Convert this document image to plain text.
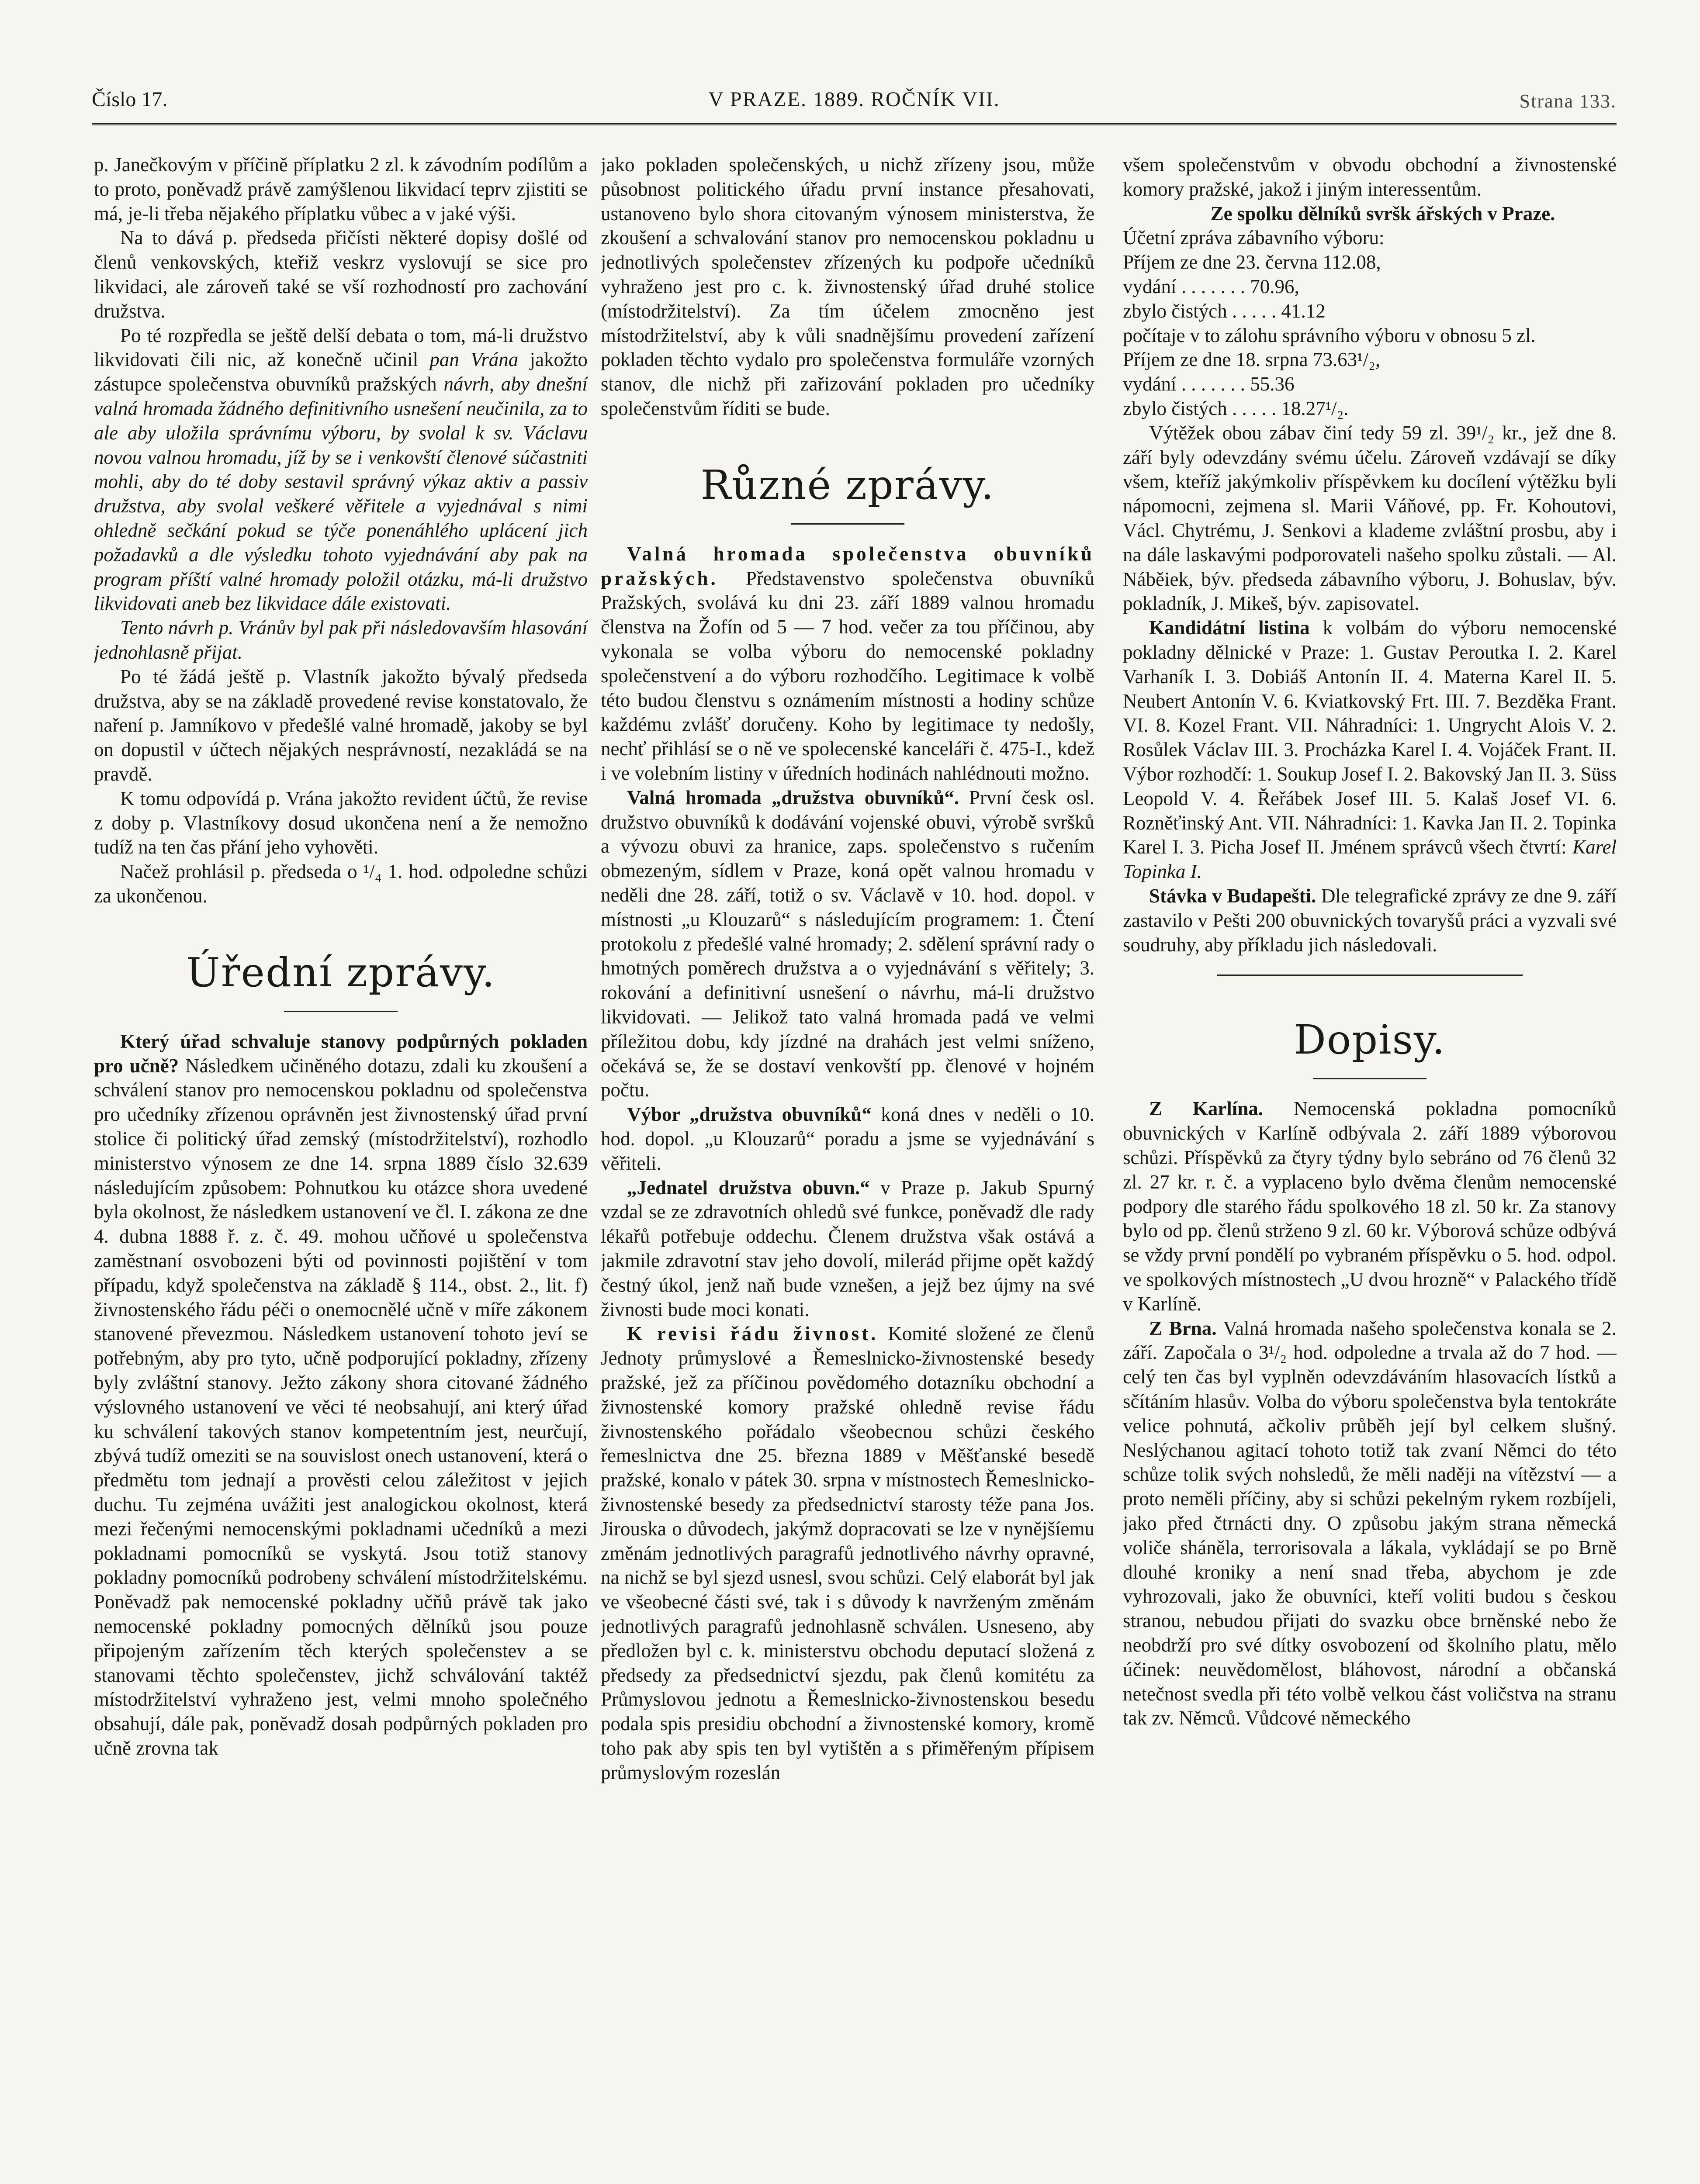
Číslo 17.	V PRAZE. 1889. ROČNÍK VII.	Strana 133.

p. Janečkovým v příčině příplatku 2 zl. k závodním podílům a to proto, poněvadž právě zamýšlenou likvidací teprv zjistiti se má, je-li třeba nějakého příplatku vůbec a v jaké výši.

Na to dává p. předseda přičísti některé dopisy došlé od členů venkovských, kteřiž veskrz vyslovují se sice pro likvidaci, ale zároveň také se vší rozhodností pro zachování družstva.

Po té rozpředla se ještě delší debata o tom, má-li družstvo likvidovati čili nic, až konečně učinil pan Vrána jakožto zástupce společenstva obuvníků pražských návrh, aby dnešní valná hromada žádného definitivního usnešení neučinila, za to ale aby uložila správnímu výboru, by svolal k sv. Václavu novou valnou hromadu, jíž by se i venkovští členové súčastniti mohli, aby do té doby sestavil správný výkaz aktiv a passiv družstva, aby svolal veškeré věřitele a vyjednával s nimi ohledně sečkání pokud se týče ponenáhlého uplácení jich požadavků a dle výsledku tohoto vyjednávání aby pak na program příští valné hromady položil otázku, má-li družstvo likvidovati aneb bez likvidace dále existovati.

Tento návrh p. Vránův byl pak při následovavším hlasování jednohlasně přijat.

Po té žádá ještě p. Vlastník jakožto bývalý předseda družstva, aby se na základě provedené revise konstatovalo, že naření p. Jamníkovo v předešlé valné hromadě, jakoby se byl on dopustil v účtech nějakých nesprávností, nezakládá se na pravdě.

K tomu odpovídá p. Vrána jakožto revident účtů, že revise z doby p. Vlastníkovy dosud ukončena není a že nemožno tudíž na ten čas přání jeho vyhověti.

Načež prohlásil p. předseda o ¹/₄ 1. hod. odpoledne schůzi za ukončenou.

Úřední zprávy.

Který úřad schvaluje stanovy podpůrných pokladen pro učně? Následkem učiněného dotazu, zdali ku zkoušení a schválení stanov pro nemocenskou pokladnu od společenstva pro učedníky zřízenou oprávněn jest živnostenský úřad první stolice či politický úřad zemský (místodržitelství), rozhodlo ministerstvo výnosem ze dne 14. srpna 1889 číslo 32.639 následujícím způsobem: Pohnutkou ku otázce shora uvedené byla okolnost, že následkem ustanovení ve čl. I. zákona ze dne 4. dubna 1888 ř. z. č. 49. mohou učňové u společenstva zaměstnaní osvobozeni býti od povinnosti pojištění v tom případu, když společenstva na základě § 114., obst. 2., lit. f) živnostenského řádu péči o onemocnělé učně v míře zákonem stanovené převezmou. Následkem ustanovení tohoto jeví se potřebným, aby pro tyto, učně podporující pokladny, zřízeny byly zvláštní stanovy. Ježto zákony shora citované žádného výslovného ustanovení ve věci té neobsahují, ani který úřad ku schválení takových stanov kompetentním jest, neurčují, zbývá tudíž omeziti se na souvislost onech ustanovení, která o předmětu tom jednají a prověsti celou záležitost v jejich duchu. Tu zejména uvážiti jest analogickou okolnost, která mezi řečenými nemocenskými pokladnami učedníků a mezi pokladnami pomocníků se vyskytá. Jsou totiž stanovy pokladny pomocníků podrobeny schválení místodržitelskému. Poněvadž pak nemocenské pokladny učňů právě tak jako nemocenské pokladny pomocných dělníků jsou pouze připojeným zařízením těch kterých společenstev a se stanovami těchto společenstev, jichž schválování taktéž místodržitelství vyhraženo jest, velmi mnoho společného obsahují, dále pak, poněvadž dosah podpůrných pokladen pro učně zrovna tak

jako pokladen společenských, u nichž zřízeny jsou, může působnost politického úřadu první instance přesahovati, ustanoveno bylo shora citovaným výnosem ministerstva, že zkoušení a schvalování stanov pro nemocenskou pokladnu u jednotlivých společenstev zřízených ku podpoře učedníků vyhraženo jest pro c. k. živnostenský úřad druhé stolice (místodržitelství). Za tím účelem zmocněno jest místodržitelství, aby k vůli snadnějšímu provedení zařízení pokladen těchto vydalo pro společenstva formuláře vzorných stanov, dle nichž při zařizování pokladen pro učedníky společenstvům říditi se bude.

Různé zprávy.

Valná hromada společenstva obuvníků pražských. Představenstvo společenstva obuvníků Pražských, svolává ku dni 23. září 1889 valnou hromadu členstva na Žofín od 5 — 7 hod. večer za tou příčinou, aby vykonala se volba výboru do nemocenské pokladny společenstvení a do výboru rozhodčího. Legitimace k volbě této budou členstvu s oznámením místnosti a hodiny schůze každému zvlášť doručeny. Koho by legitimace ty nedošly, nechť přihlásí se o ně ve spolecenské kanceláři č. 475-I., kdež i ve volebním listiny v úředních hodinách nahlédnouti možno.

Valná hromada „družstva obuvníků“. První česk osl. družstvo obuvníků k dodávání vojenské obuvi, výrobě svršků a vývozu obuvi za hranice, zaps. společenstvo s ručením obmezeným, sídlem v Praze, koná opět valnou hromadu v neděli dne 28. září, totiž o sv. Václavě v 10. hod. dopol. v místnosti „u Klouzarů“ s následujícím programem: 1. Čtení protokolu z předešlé valné hromady; 2. sdělení správní rady o hmotných poměrech družstva a o vyjednávání s věřitely; 3. rokování a definitivní usnešení o návrhu, má-li družstvo likvidovati. — Jelikož tato valná hromada padá ve velmi příležitou dobu, kdy jízdné na drahách jest velmi sníženo, očekává se, že se dostaví venkovští pp. členové v hojném počtu.

Výbor „družstva obuvníků“ koná dnes v neděli o 10. hod. dopol. „u Klouzarů“ poradu a jsme se vyjednávání s věřiteli.

„Jednatel družstva obuvn.“ v Praze p. Jakub Spurný vzdal se ze zdravotních ohledů své funkce, poněvadž dle rady lékařů potřebuje oddechu. Členem družstva však ostává a jakmile zdravotní stav jeho dovolí, milerád přijme opět každý čestný úkol, jenž naň bude vznešen, a jejž bez újmy na své živnosti bude moci konati.

K revisi řádu živnost. Komité složené ze členů Jednoty průmyslové a Řemeslnicko-živnostenské besedy pražské, jež za příčinou povědomého dotazníku obchodní a živnostenské komory pražské ohledně revise řádu živnostenského pořádalo všeobecnou schůzi českého řemeslnictva dne 25. března 1889 v Měšťanské besedě pražské, konalo v pátek 30. srpna v místnostech Řemeslnicko-živnostenské besedy za předsednictví starosty téže pana Jos. Jirouska o důvodech, jakýmž dopracovati se lze v nynějšíemu změnám jednotlivých paragrafů jednotlivého návrhy opravné, na nichž se byl sjezd usnesl, svou schůzi. Celý elaborát byl jak ve všeobecné části své, tak i s důvody k navrženým změnám jednotlivých paragrafů jednohlasně schválen. Usneseno, aby předložen byl c. k. ministerstvu obchodu deputací složená z předsedy za předsednictví sjezdu, pak členů komitétu za Průmyslovou jednotu a Řemeslnicko-živnostenskou besedu podala spis presidiu obchodní a živnostenské komory, kromě toho pak aby spis ten byl vytištěn a s přiměřeným přípisem průmyslovým rozeslán

všem společenstvům v obvodu obchodní a živnostenské komory pražské, jakož i jiným interessentům.

Ze spolku dělníků svršk ářských v Praze.

Účetní zpráva zábavního výboru:

Příjem ze dne 23. června 112.08,

vydání . . . . . . . 70.96,

zbylo čistých . . . . . 41.12

počítaje v to zálohu správního výboru v obnosu 5 zl.

Příjem ze dne 18. srpna 73.63¹/₂,

vydání . . . . . . . 55.36

zbylo čistých . . . . . 18.27¹/₂.

Výtěžek obou zábav činí tedy 59 zl. 39¹/₂ kr., jež dne 8. září byly odevzdány svému účelu. Zároveň vzdávají se díky všem, kteříž jakýmkoliv příspěvkem ku docílení výtěžku byli nápomocni, zejmena sl. Marii Váňové, pp. Fr. Kohoutovi, Václ. Chytrému, J. Senkovi a klademe zvláštní prosbu, aby i na dále laskavými podporovateli našeho spolku zůstali. — Al. Náběiek, býv. předseda zábavního výboru, J. Bohuslav, býv. pokladník, J. Mikeš, býv. zapisovatel.

Kandidátní listina k volbám do výboru nemocenské pokladny dělnické v Praze: 1. Gustav Peroutka I. 2. Karel Varhaník I. 3. Dobiáš Antonín II. 4. Materna Karel II. 5. Neubert Antonín V. 6. Kviatkovský Frt. III. 7. Bezděka Frant. VI. 8. Kozel Frant. VII. Náhradníci: 1. Ungrycht Alois V. 2. Rosůlek Václav III. 3. Procházka Karel I. 4. Vojáček Frant. II. Výbor rozhodčí: 1. Soukup Josef I. 2. Bakovský Jan II. 3. Süss Leopold V. 4. Řeřábek Josef III. 5. Kalaš Josef VI. 6. Rozněťinský Ant. VII. Náhradníci: 1. Kavka Jan II. 2. Topinka Karel I. 3. Picha Josef II. Jménem správců všech čtvrtí: Karel Topinka I.

Stávka v Budapešti. Dle telegrafické zprávy ze dne 9. září zastavilo v Pešti 200 obuvnických tovaryšů práci a vyzvali své soudruhy, aby příkladu jich následovali.

Dopisy.

Z Karlína. Nemocenská pokladna pomocníků obuvnických v Karlíně odbývala 2. září 1889 výborovou schůzi. Příspěvků za čtyry týdny bylo sebráno od 76 členů 32 zl. 27 kr. r. č. a vyplaceno bylo dvěma členům nemocenské podpory dle starého řádu spolkového 18 zl. 50 kr. Za stanovy bylo od pp. členů strženo 9 zl. 60 kr. Výborová schůze odbývá se vždy první pondělí po vybraném příspěvku o 5. hod. odpol. ve spolkových místnostech „U dvou hrozně“ v Palackého třídě v Karlíně.

Z Brna. Valná hromada našeho společenstva konala se 2. září. Započala o 3¹/₂ hod. odpoledne a trvala až do 7 hod. — celý ten čas byl vyplněn odevzdáváním hlasovacích lístků a sčítáním hlasův. Volba do výboru společenstva byla tentokráte velice pohnutá, ačkoliv průběh její byl celkem slušný. Neslýchanou agitací tohoto totiž tak zvaní Němci do této schůze tolik svých nohsledů, že měli naději na vítězství — a proto neměli příčiny, aby si schůzi pekelným rykem rozbíjeli, jako před čtrnácti dny. O způsobu jakým strana německá voliče sháněla, terrorisovala a lákala, vykládají se po Brně dlouhé kroniky a není snad třeba, abychom je zde vyhrozovali, jako že obuvníci, kteří voliti budou s českou stranou, nebudou přijati do svazku obce brněnské nebo že neobdrží pro své dítky osvobození od školního platu, mělo účinek: neuvědomělost, bláhovost, národní a občanská netečnost svedla při této volbě velkou část voličstva na stranu tak zv. Němců. Vůdcové německého
